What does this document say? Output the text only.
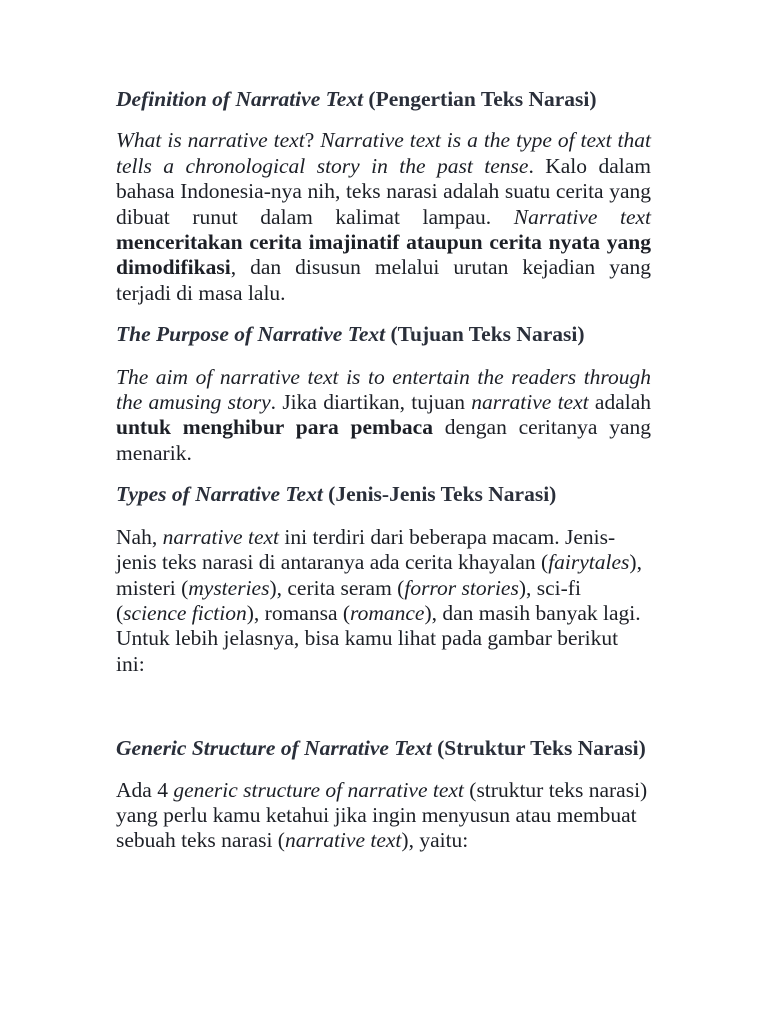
Definition of Narrative Text (Pengertian Teks Narasi)

What is narrative text? Narrative text is a the type of text that tells a chronological story in the past tense. Kalo dalam bahasa Indonesia-nya nih, teks narasi adalah suatu cerita yang dibuat runut dalam kalimat lampau. Narrative text menceritakan cerita imajinatif ataupun cerita nyata yang dimodifikasi, dan disusun melalui urutan kejadian yang terjadi di masa lalu.

The Purpose of Narrative Text (Tujuan Teks Narasi)

The aim of narrative text is to entertain the readers through the amusing story. Jika diartikan, tujuan narrative text adalah untuk menghibur para pembaca dengan ceritanya yang menarik.

Types of Narrative Text (Jenis-Jenis Teks Narasi)

Nah, narrative text ini terdiri dari beberapa macam. Jenis-jenis teks narasi di antaranya ada cerita khayalan (fairytales), misteri (mysteries), cerita seram (forror stories), sci-fi (science fiction), romansa (romance), dan masih banyak lagi. Untuk lebih jelasnya, bisa kamu lihat pada gambar berikut ini:

Generic Structure of Narrative Text (Struktur Teks Narasi)

Ada 4 generic structure of narrative text (struktur teks narasi) yang perlu kamu ketahui jika ingin menyusun atau membuat sebuah teks narasi (narrative text), yaitu:
